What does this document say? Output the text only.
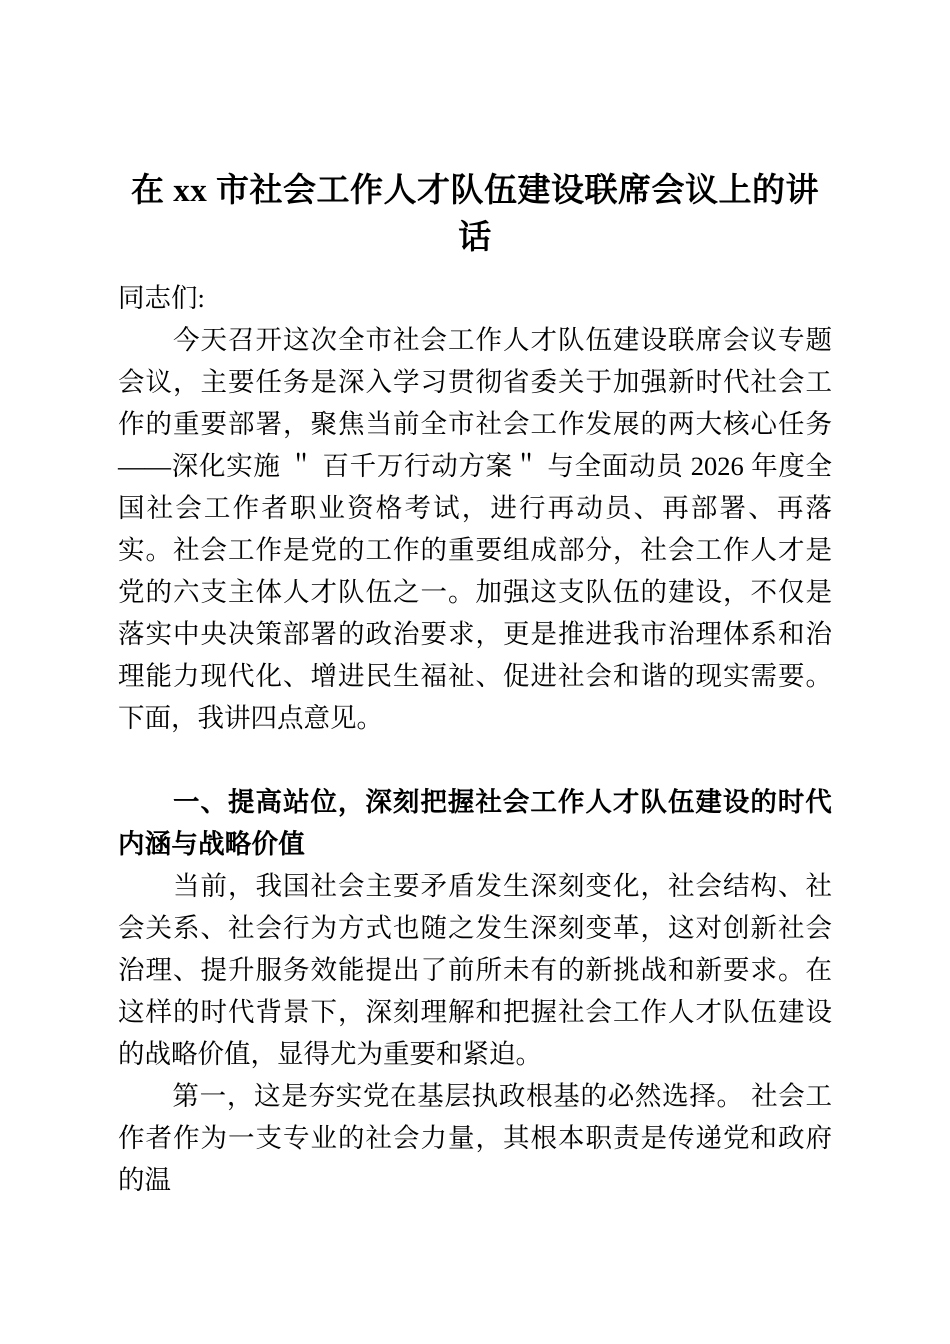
在 xx 市社会工作人才队伍建设联席会议上的讲话

同志们:

　　今天召开这次全市社会工作人才队伍建设联席会议专题会议，主要任务是深入学习贯彻省委关于加强新时代社会工作的重要部署，聚焦当前全市社会工作发展的两大核心任务 ——深化实施 ＂ 百千万行动方案＂ 与全面动员 2026 年度全国社会工作者职业资格考试，进行再动员、再部署、再落实。社会工作是党的工作的重要组成部分，社会工作人才是党的六支主体人才队伍之一。加强这支队伍的建设，不仅是落实中央决策部署的政治要求，更是推进我市治理体系和治理能力现代化、增进民生福祉、促进社会和谐的现实需要。下面，我讲四点意见。

　　一、提高站位，深刻把握社会工作人才队伍建设的时代内涵与战略价值

　　当前，我国社会主要矛盾发生深刻变化，社会结构、社会关系、社会行为方式也随之发生深刻变革，这对创新社会治理、提升服务效能提出了前所未有的新挑战和新要求。在这样的时代背景下，深刻理解和把握社会工作人才队伍建设的战略价值，显得尤为重要和紧迫。

　　第一，这是夯实党在基层执政根基的必然选择。 社会工作者作为一支专业的社会力量，其根本职责是传递党和政府的温
